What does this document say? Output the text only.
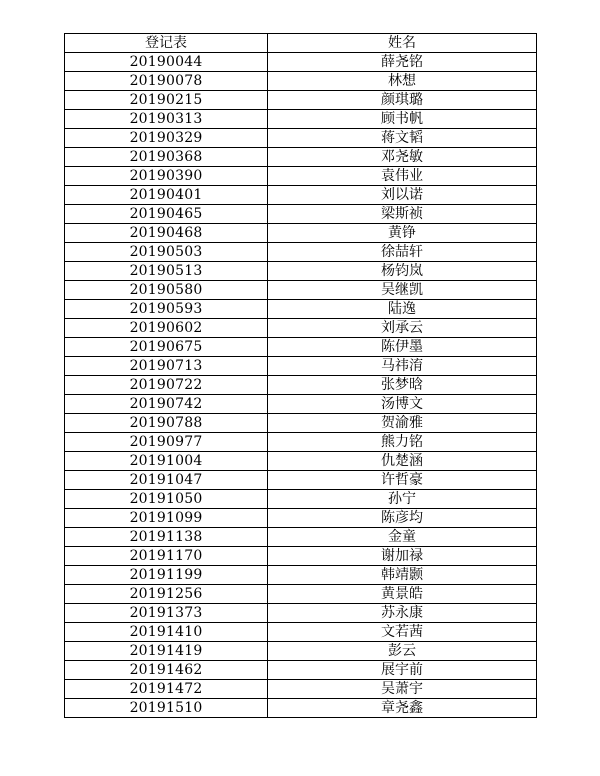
登记表	姓名
20190044	薛尧铭
20190078	林想
20190215	颜琪璐
20190313	顾书帆
20190329	蒋文韬
20190368	邓尧敏
20190390	袁伟业
20190401	刘以诺
20190465	梁斯祯
20190468	黄铮
20190503	徐喆轩
20190513	杨钧岚
20190580	吴继凯
20190593	陆逸
20190602	刘承云
20190675	陈伊墨
20190713	马祎淯
20190722	张梦晗
20190742	汤博文
20190788	贺渝雅
20190977	熊力铭
20191004	仇楚涵
20191047	许哲豪
20191050	孙宁
20191099	陈彦均
20191138	金童
20191170	谢加禄
20191199	韩靖颢
20191256	黄景皓
20191373	苏永康
20191410	文若茜
20191419	彭云
20191462	展宇前
20191472	吴萧宇
20191510	章尧鑫
